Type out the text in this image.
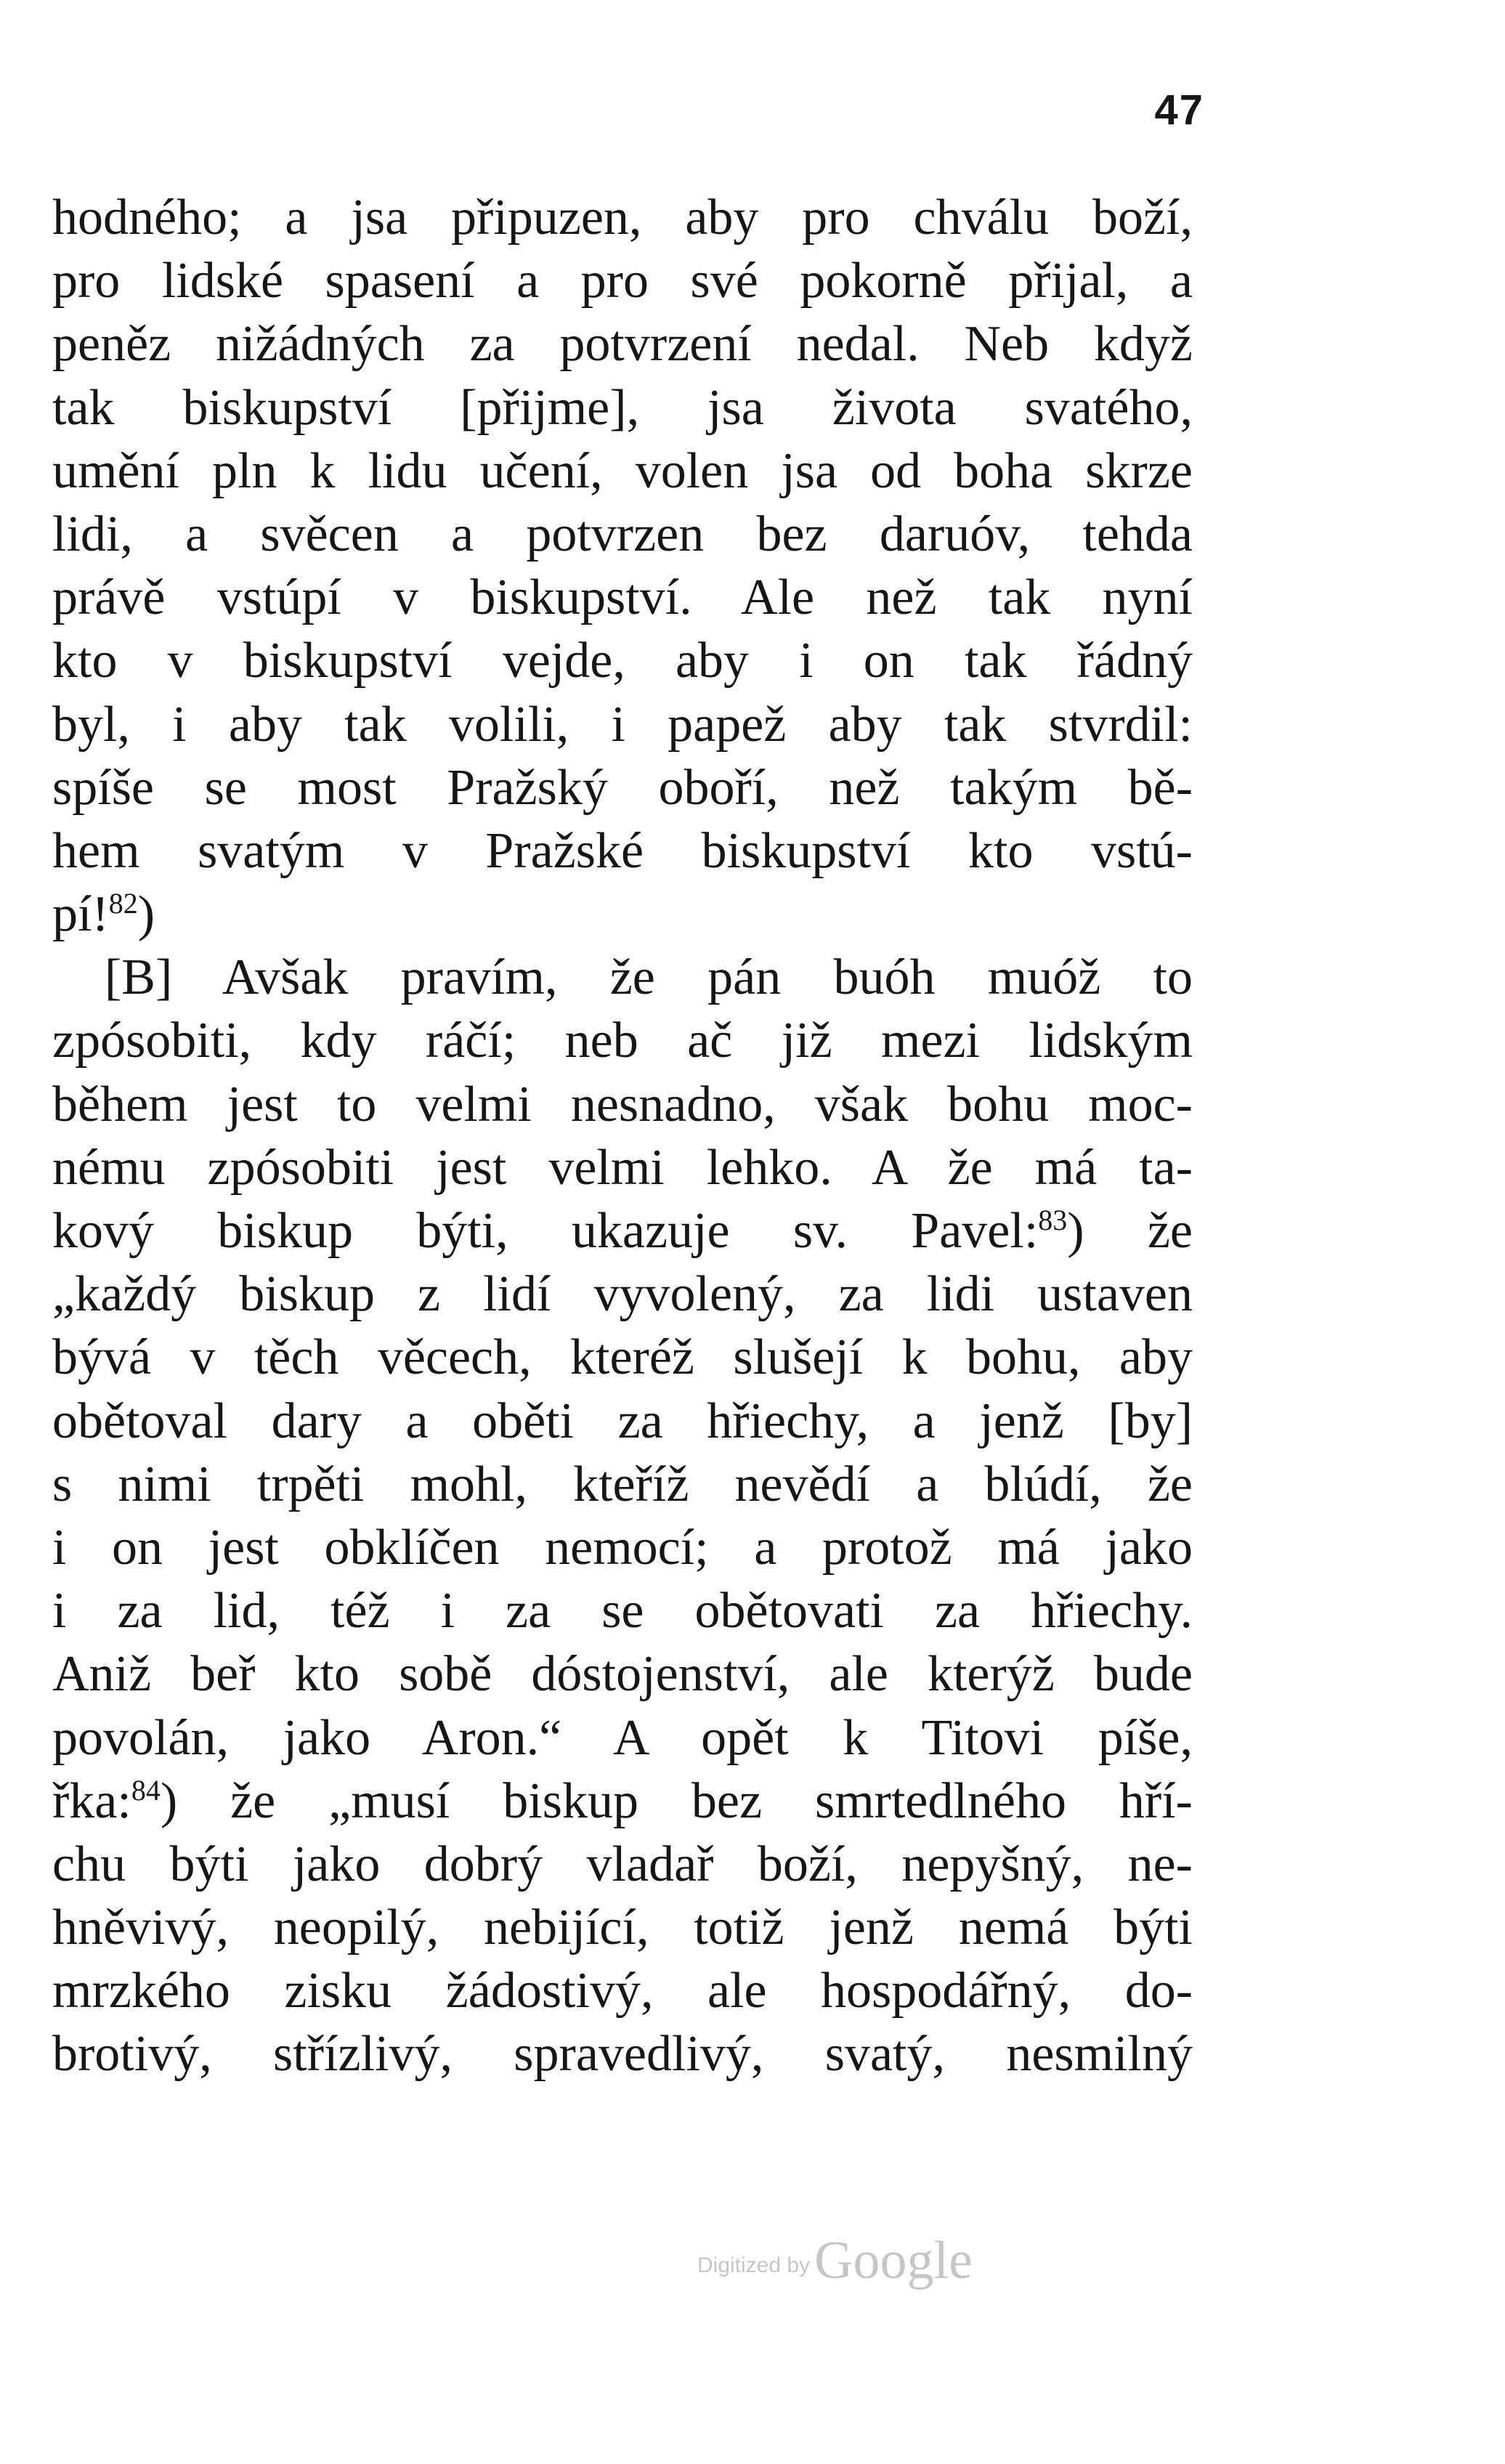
47
hodného; a jsa připuzen, aby pro chválu boží,
pro lidské spasení a pro své pokorně přijal, a
peněz nižádných za potvrzení nedal. Neb když
tak biskupství [přijme], jsa života svatého,
umění pln k lidu učení, volen jsa od boha skrze
lidi, a svěcen a potvrzen bez daruóv, tehda
právě vstúpí v biskupství. Ale než tak nyní
kto v biskupství vejde, aby i on tak řádný
byl, i aby tak volili, i papež aby tak stvrdil:
spíše se most Pražský oboří, než takým bě-
hem svatým v Pražské biskupství kto vstú-
pí!$^{82}$)
[B] Avšak pravím, že pán buóh muóž to
zpósobiti, kdy ráčí; neb ač již mezi lidským
během jest to velmi nesnadno, však bohu moc-
nému zpósobiti jest velmi lehko. A že má ta-
kový biskup býti, ukazuje sv. Pavel:$^{83}$) že
„každý biskup z lidí vyvolený, za lidi ustaven
bývá v těch věcech, kteréž slušejí k bohu, aby
obětoval dary a oběti za hřiechy, a jenž [by]
s nimi trpěti mohl, kteříž nevědí a blúdí, že
i on jest obklíčen nemocí; a protož má jako
i za lid, též i za se obětovati za hřiechy.
Aniž beř kto sobě dóstojenství, ale kterýž bude
povolán, jako Aron.“ A opět k Titovi píše,
řka:$^{84}$) že „musí biskup bez smrtedlného hří-
chu býti jako dobrý vladař boží, nepyšný, ne-
hněvivý, neopilý, nebijící, totiž jenž nemá býti
mrzkého zisku žádostivý, ale hospodářný, do-
brotivý, střízlivý, spravedlivý, svatý, nesmilný
Digitized byGoogle
